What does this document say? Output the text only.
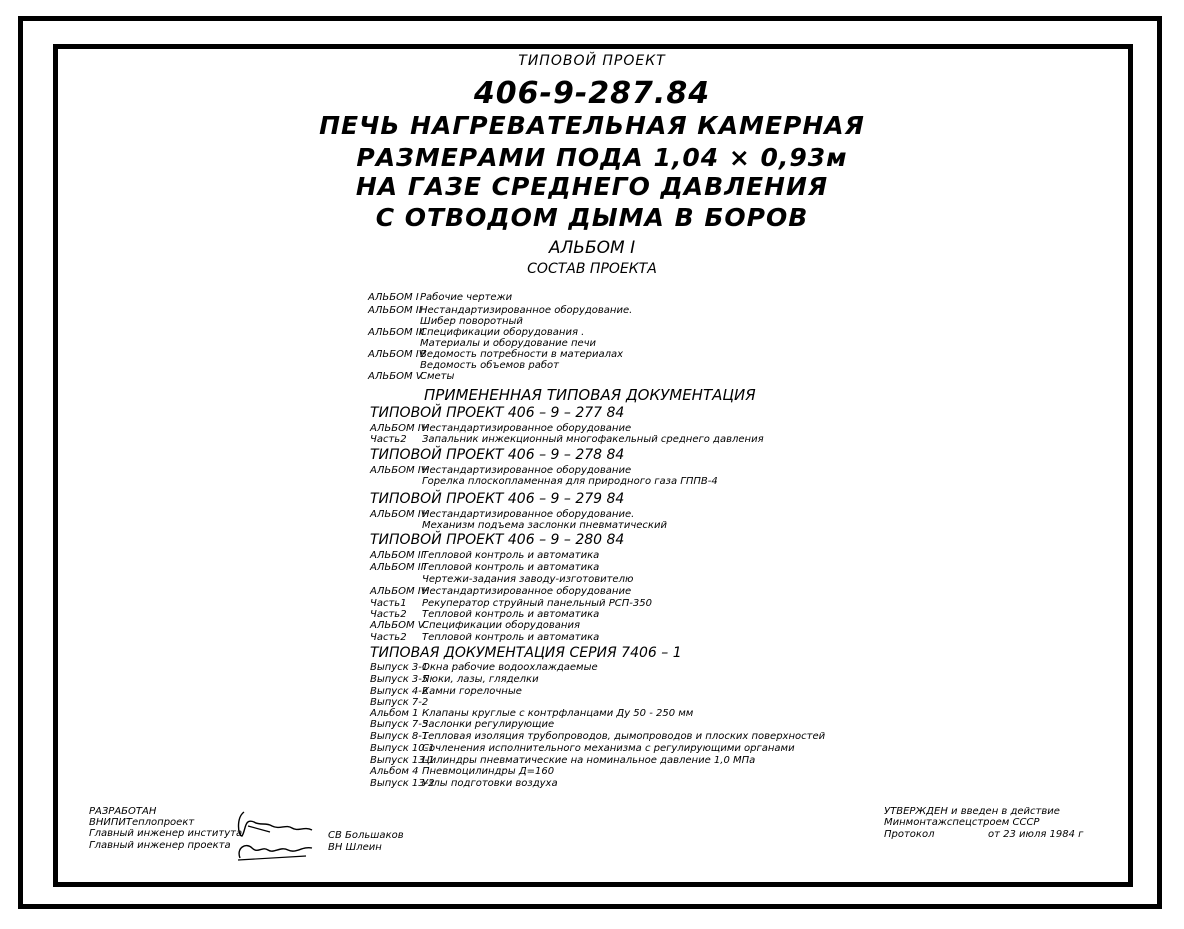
ТИПОВОЙ ПРОЕКТ
406-9-287.84
ПЕЧЬ НАГРЕВАТЕЛЬНАЯ КАМЕРНАЯ
РАЗМЕРАМИ ПОДА 1,04 × 0,93м
НА ГАЗЕ СРЕДНЕГО ДАВЛЕНИЯ
С ОТВОДОМ ДЫМА В БОРОВ
АЛЬБОМ I
СОСТАВ ПРОЕКТА
АЛЬБОМ I Рабочие чертежи
АЛЬБОМ II
Нестандартизированное оборудование.
Шибер поворотный
АЛЬБОМ III
Спецификации оборудования .
Материалы и оборудование печи
АЛЬБОМ IV
Ведомость потребности в материалах
Ведомость объемов работ
АЛЬБОМ V
Сметы
ПРИМЕНЕННАЯ ТИПОВАЯ ДОКУМЕНТАЦИЯ
ТИПОВОЙ ПРОЕКТ 406 – 9 – 277 84
АЛЬБОМ IV
Нестандартизированное оборудование
Часть2 Запальник инжекционный многофакельный среднего давления
ТИПОВОЙ ПРОЕКТ 406 – 9 – 278 84
АЛЬБОМ IV
Нестандартизированное оборудование
Горелка плоскопламенная для природного газа ГППВ-4
ТИПОВОЙ ПРОЕКТ 406 – 9 – 279 84
АЛЬБОМ IV
Нестандартизированное оборудование.
Механизм подъема заслонки пневматический
ТИПОВОЙ ПРОЕКТ 406 – 9 – 280 84
АЛЬБОМ II
Тепловой контроль и автоматика
АЛЬБОМ III
Тепловой контроль и автоматика
Чертежи-задания заводу-изготовителю
АЛЬБОМ IV
Нестандартизированное оборудование
Часть1 Рекуператор струйный панельный РСП-350
Часть2 Тепловой контроль и автоматика
АЛЬБОМ V
Спецификации оборудования
Часть2 Тепловой контроль и автоматика
ТИПОВАЯ ДОКУМЕНТАЦИЯ СЕРИЯ 7406 – 1
Выпуск 3-1
Окна рабочие водоохлаждаемые
Выпуск 3-5
Люки, лазы, гляделки
Выпуск 4-2
Камни горелочные
Выпуск 7-2
Альбом 1 Клапаны круглые с контрфланцами Ду 50 - 250 мм
Выпуск 7-5
Заслонки регулирующие
Выпуск 8-1
Тепловая изоляция трубопроводов, дымопроводов и плоских поверхностей
Выпуск 10-1
Сочленения исполнительного механизма с регулирующими органами
Выпуск 13-1
Цилиндры пневматические на номинальное давление 1,0 МПа
Альбом 4 Пневмоцилиндры Д=160
Выпуск 13-2
Узлы подготовки воздуха
РАЗРАБОТАН
ВНИПИТеплопроект
Главный инженер института
Главный инженер проекта
СВ Большаков
ВН Шлеин
УТВЕРЖДЕН и введен в действие
Минмонтажспецстроем СССР
Протокол	от 23 июля 1984 г
